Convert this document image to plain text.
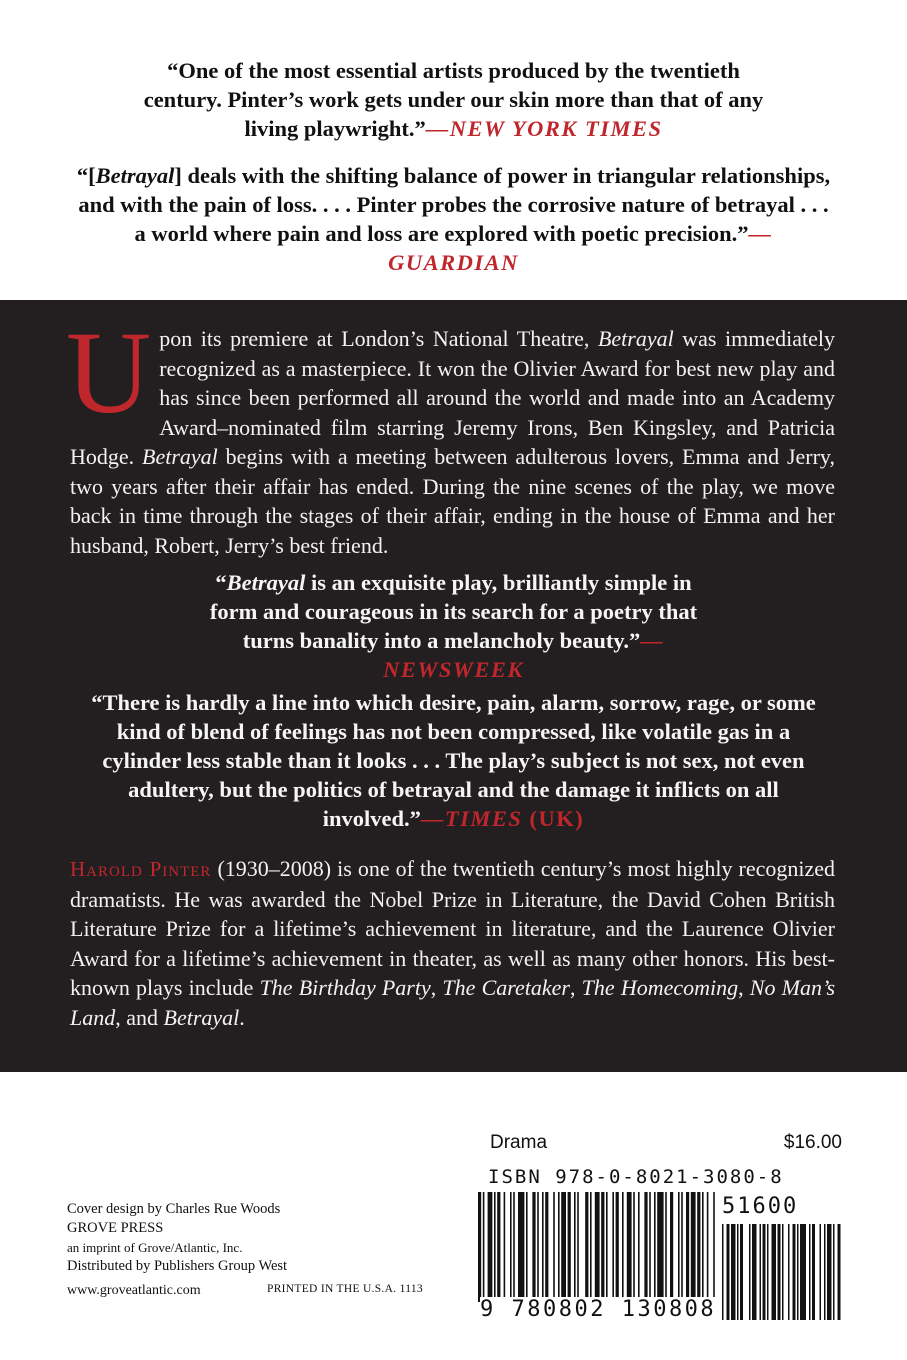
“One of the most essential artists produced by the twentieth century. Pinter’s work gets under our skin more than that of any living playwright.”—NEW YORK TIMES

“[Betrayal] deals with the shifting balance of power in triangular relationships, and with the pain of loss. . . . Pinter probes the corrosive nature of betrayal . . . a world where pain and loss are explored with poetic precision.”—GUARDIAN

Upon its premiere at London’s National Theatre, Betrayal was immediately recognized as a masterpiece. It won the Olivier Award for best new play and has since been performed all around the world and made into an Academy Award–nominated film starring Jeremy Irons, Ben Kingsley, and Patricia Hodge. Betrayal begins with a meeting between adulterous lovers, Emma and Jerry, two years after their affair has ended. During the nine scenes of the play, we move back in time through the stages of their affair, ending in the house of Emma and her husband, Robert, Jerry’s best friend.

“Betrayal is an exquisite play, brilliantly simple in form and courageous in its search for a poetry that turns banality into a melancholy beauty.”—NEWSWEEK

“There is hardly a line into which desire, pain, alarm, sorrow, rage, or some kind of blend of feelings has not been compressed, like volatile gas in a cylinder less stable than it looks . . . The play’s subject is not sex, not even adultery, but the politics of betrayal and the damage it inflicts on all involved.”—TIMES (UK)

Harold Pinter (1930–2008) is one of the twentieth century’s most highly recognized dramatists. He was awarded the Nobel Prize in Literature, the David Cohen British Literature Prize for a lifetime’s achievement in literature, and the Laurence Olivier Award for a lifetime’s achievement in theater, as well as many other honors. His best-known plays include The Birthday Party, The Caretaker, The Homecoming, No Man’s Land, and Betrayal.

Cover design by Charles Rue Woods
GROVE PRESS
an imprint of Grove/Atlantic, Inc.
Distributed by Publishers Group West
www.groveatlantic.com	PRINTED IN THE U.S.A. 1113
Drama	$16.00
ISBN 978-0-8021-3080-8
51600
9 780802 130808
